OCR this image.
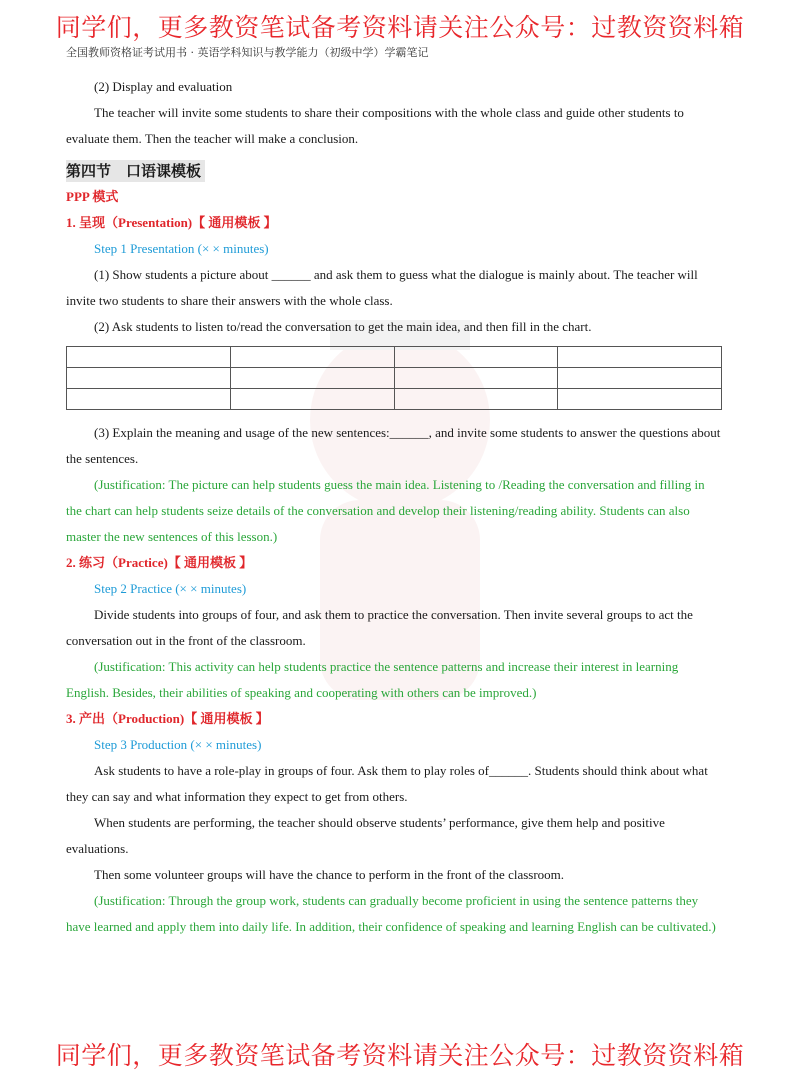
同学们，更多教资笔试备考资料请关注公众号：过教资资料箱
全国教师资格证考试用书 · 英语学科知识与教学能力（初级中学）学霸笔记

(2) Display and evaluation

The teacher will invite some students to share their compositions with the whole class and guide other students to evaluate them. Then the teacher will make a conclusion.

第四节　口语课模板

PPP 模式

1. 呈现（Presentation)【 通用模板 】

Step 1 Presentation (× × minutes)

(1) Show students a picture about ______ and ask them to guess what the dialogue is mainly about. The teacher will invite two students to share their answers with the whole class.

(2) Ask students to listen to/read the conversation to get the main idea, and then fill in the chart.

(3) Explain the meaning and usage of the new sentences:______, and invite some students to answer the questions about the sentences.

(Justification: The picture can help students guess the main idea. Listening to /Reading the conversation and filling in the chart can help students seize details of the conversation and develop their listening/reading ability. Students can also master the new sentences of this lesson.)

2. 练习（Practice)【 通用模板 】

Step 2 Practice (× × minutes)

Divide students into groups of four, and ask them to practice the conversation. Then invite several groups to act the conversation out in the front of the classroom.

(Justification: This activity can help students practice the sentence patterns and increase their interest in learning English. Besides, their abilities of speaking and cooperating with others can be improved.)

3. 产出（Production)【 通用模板 】

Step 3 Production (× × minutes)

Ask students to have a role-play in groups of four. Ask them to play roles of______. Students should think about what they can say and what information they expect to get from others.

When students are performing, the teacher should observe students’ performance, give them help and positive evaluations.

Then some volunteer groups will have the chance to perform in the front of the classroom.

(Justification: Through the group work, students can gradually become proficient in using the sentence patterns they have learned and apply them into daily life. In addition, their confidence of speaking and learning English can be cultivated.)

同学们，更多教资笔试备考资料请关注公众号：过教资资料箱
